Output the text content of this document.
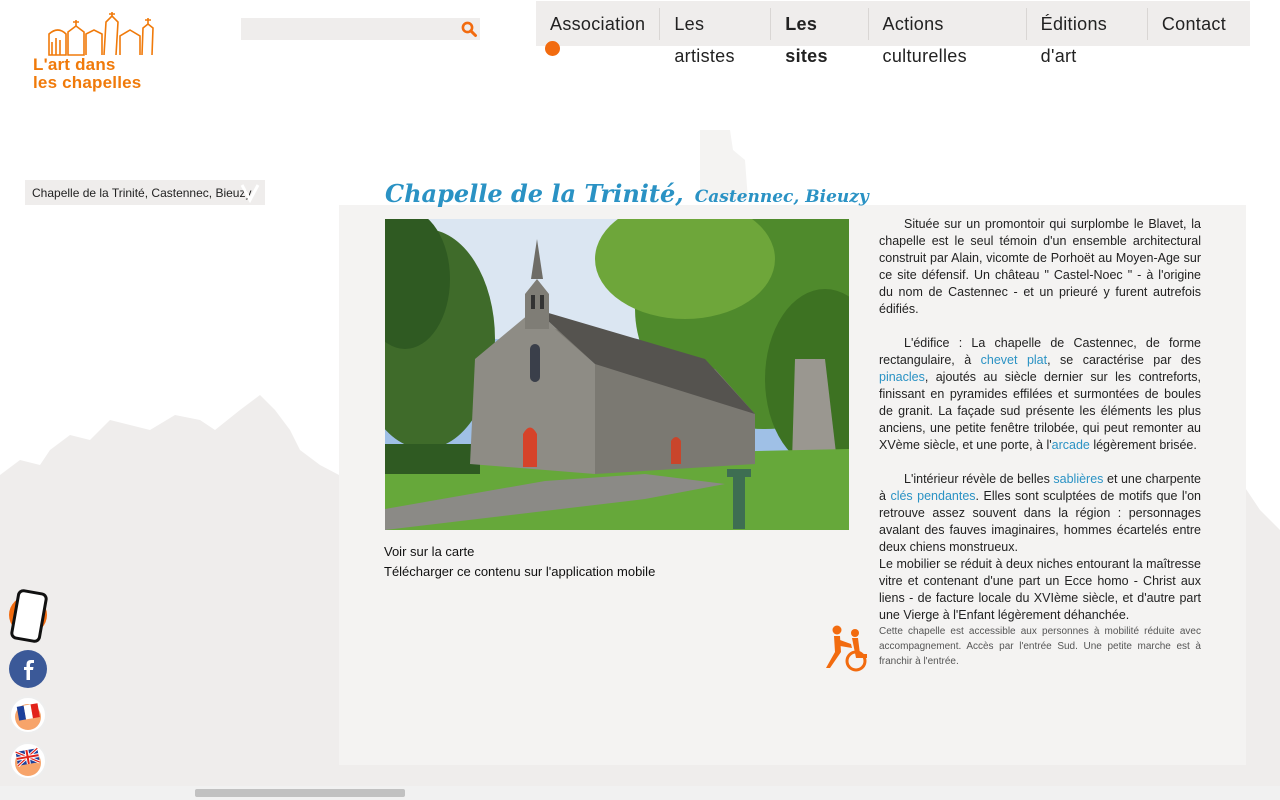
L'art dans
les chapelles
Association	Les artistes
Les sites
Actions culturelles
Éditions d'art
Contact
Chapelle de la Trinité, Castennec, Bieuzy	Chapelle de la Trinité, Castennec, Bieuzy
Voir sur la carte
Télécharger ce contenu sur l'application mobile

Située sur un promontoir qui surplombe le Blavet, la chapelle est le seul témoin d'un ensemble architectural construit par Alain, vicomte de Porhoët au Moyen-Age sur ce site défensif. Un château " Castel-Noec " - à l'origine du nom de Castennec - et un prieuré y furent autrefois édifiés.

L'édifice : La chapelle de Castennec, de forme rectangulaire, à chevet plat, se caractérise par des pinacles, ajoutés au siècle dernier sur les contreforts, finissant en pyramides effilées et surmontées de boules de granit. La façade sud présente les éléments les plus anciens, une petite fenêtre trilobée, qui peut remonter au XVème siècle, et une porte, à l'arcade légèrement brisée.

L'intérieur révèle de belles sablières et une charpente à clés pendantes. Elles sont sculptées de motifs que l'on retrouve assez souvent dans la région : personnages avalant des fauves imaginaires, hommes écartelés entre deux chiens monstrueux.

Le mobilier se réduit à deux niches entourant la maîtresse vitre et contenant d'une part un Ecce homo - Christ aux liens - de facture locale du XVIème siècle, et d'autre part une Vierge à l'Enfant légèrement déhanchée.

Cette chapelle est accessible aux personnes à mobilité réduite avec accompagnement. Accès par l'entrée Sud. Une petite marche est à franchir à l'entrée.
